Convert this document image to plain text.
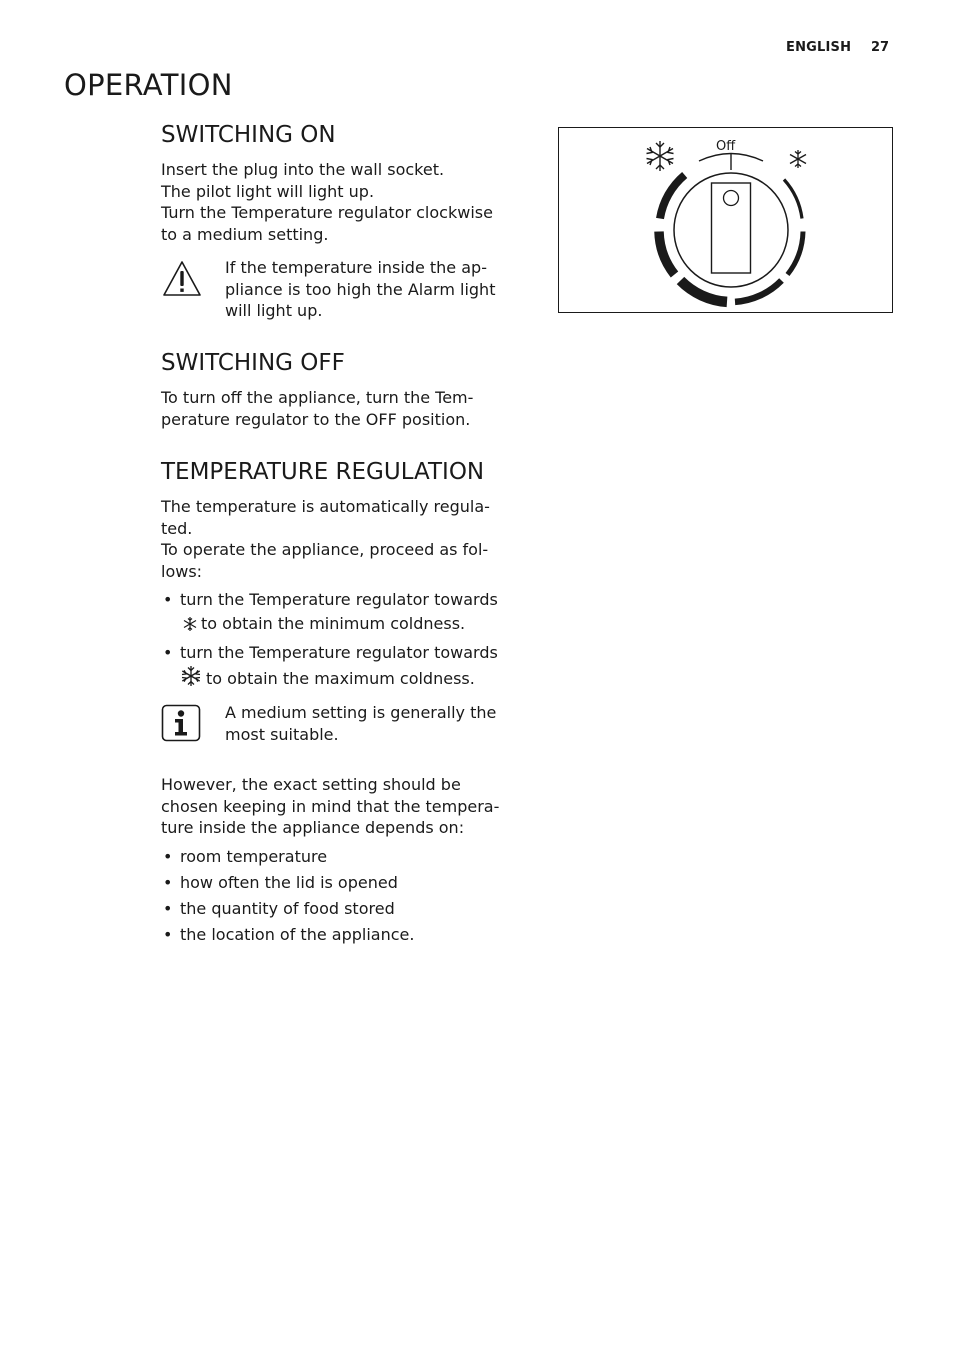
ENGLISH 27
OPERATION
SWITCHING ON

Insert the plug into the wall socket.

The pilot light will light up.

Turn the Temperature regulator clockwise

to a medium setting.

If the temperature inside the ap-

pliance is too high the Alarm light

will light up.

SWITCHING OFF

To turn off the appliance, turn the Tem-

perature regulator to the OFF position.

TEMPERATURE REGULATION

The temperature is automatically regula-

ted.

To operate the appliance, proceed as fol-

lows:

• turn the Temperature regulator towards
to obtain the minimum coldness.
• turn the Temperature regulator towards
to obtain the maximum coldness.

A medium setting is generally the

most suitable.

However, the exact setting should be

chosen keeping in mind that the tempera-

ture inside the appliance depends on:

• room temperature
• how often the lid is opened
• the quantity of food stored
• the location of the appliance.
Off
